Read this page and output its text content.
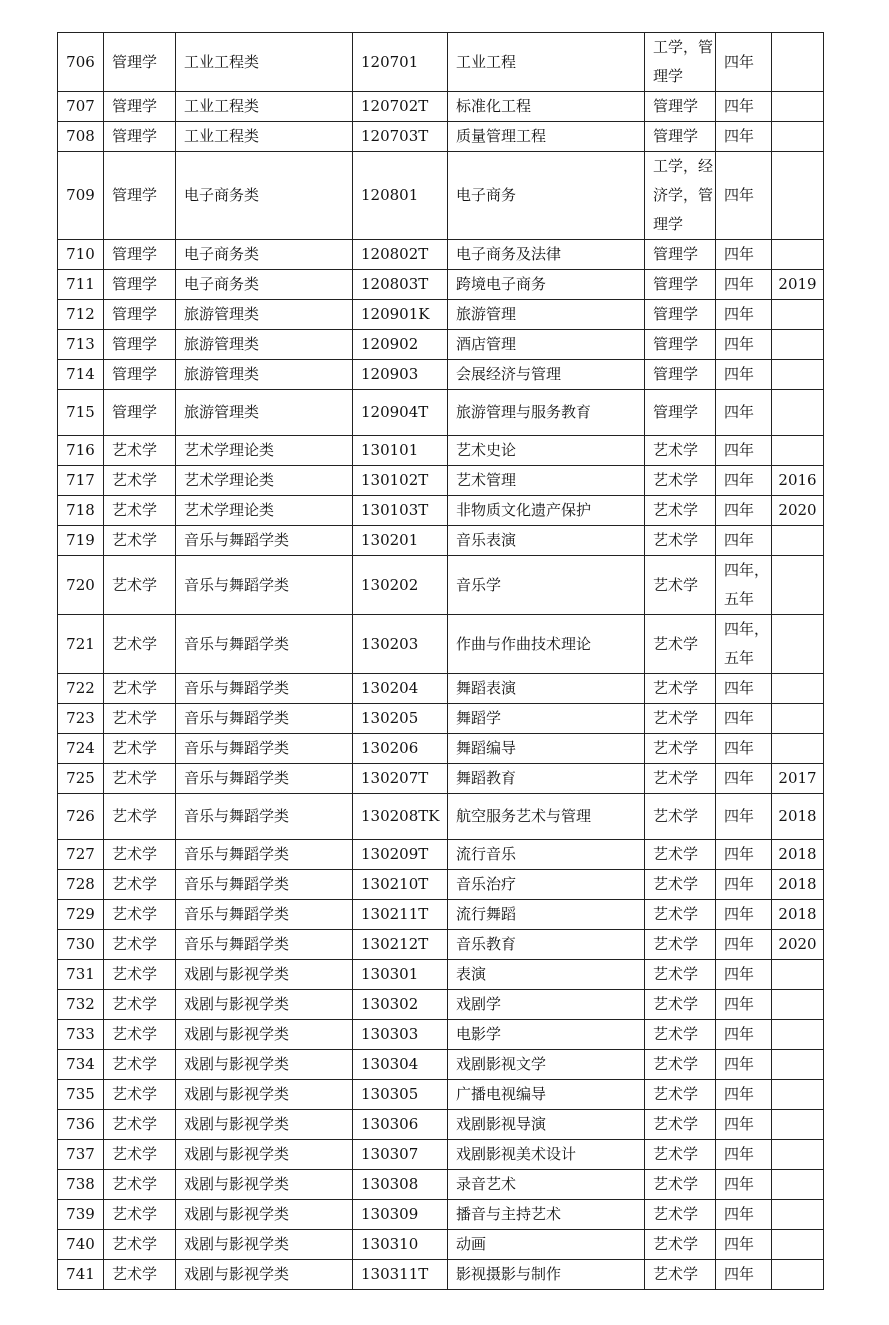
706	管理学	工业工程类	120701	工业工程	工学，管理学	四年	
707	管理学	工业工程类	120702T	标准化工程	管理学	四年	
708	管理学	工业工程类	120703T	质量管理工程	管理学	四年	
709	管理学	电子商务类	120801	电子商务	工学，经济学，管理学	四年	
710	管理学	电子商务类	120802T	电子商务及法律	管理学	四年	
711	管理学	电子商务类	120803T	跨境电子商务	管理学	四年	2019
712	管理学	旅游管理类	120901K	旅游管理	管理学	四年	
713	管理学	旅游管理类	120902	酒店管理	管理学	四年	
714	管理学	旅游管理类	120903	会展经济与管理	管理学	四年	
715	管理学	旅游管理类	120904T	旅游管理与服务教育	管理学	四年	
716	艺术学	艺术学理论类	130101	艺术史论	艺术学	四年	
717	艺术学	艺术学理论类	130102T	艺术管理	艺术学	四年	2016
718	艺术学	艺术学理论类	130103T	非物质文化遗产保护	艺术学	四年	2020
719	艺术学	音乐与舞蹈学类	130201	音乐表演	艺术学	四年	
720	艺术学	音乐与舞蹈学类	130202	音乐学	艺术学	四年，五年	
721	艺术学	音乐与舞蹈学类	130203	作曲与作曲技术理论	艺术学	四年，五年	
722	艺术学	音乐与舞蹈学类	130204	舞蹈表演	艺术学	四年	
723	艺术学	音乐与舞蹈学类	130205	舞蹈学	艺术学	四年	
724	艺术学	音乐与舞蹈学类	130206	舞蹈编导	艺术学	四年	
725	艺术学	音乐与舞蹈学类	130207T	舞蹈教育	艺术学	四年	2017
726	艺术学	音乐与舞蹈学类	130208TK	航空服务艺术与管理	艺术学	四年	2018
727	艺术学	音乐与舞蹈学类	130209T	流行音乐	艺术学	四年	2018
728	艺术学	音乐与舞蹈学类	130210T	音乐治疗	艺术学	四年	2018
729	艺术学	音乐与舞蹈学类	130211T	流行舞蹈	艺术学	四年	2018
730	艺术学	音乐与舞蹈学类	130212T	音乐教育	艺术学	四年	2020
731	艺术学	戏剧与影视学类	130301	表演	艺术学	四年	
732	艺术学	戏剧与影视学类	130302	戏剧学	艺术学	四年	
733	艺术学	戏剧与影视学类	130303	电影学	艺术学	四年	
734	艺术学	戏剧与影视学类	130304	戏剧影视文学	艺术学	四年	
735	艺术学	戏剧与影视学类	130305	广播电视编导	艺术学	四年	
736	艺术学	戏剧与影视学类	130306	戏剧影视导演	艺术学	四年	
737	艺术学	戏剧与影视学类	130307	戏剧影视美术设计	艺术学	四年	
738	艺术学	戏剧与影视学类	130308	录音艺术	艺术学	四年	
739	艺术学	戏剧与影视学类	130309	播音与主持艺术	艺术学	四年	
740	艺术学	戏剧与影视学类	130310	动画	艺术学	四年	
741	艺术学	戏剧与影视学类	130311T	影视摄影与制作	艺术学	四年	
